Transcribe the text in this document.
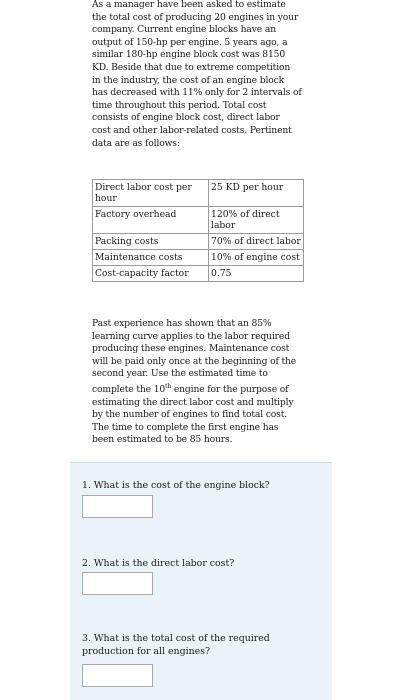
As a manager have been asked to estimate
the total cost of producing 20 engines in your
company. Current engine blocks have an
output of 150-hp per engine. 5 years ago, a
similar 180-hp engine block cost was 8150
KD. Beside that due to extreme competition
in the industry, the cost of an engine block
has decreased with 11% only for 2 intervals of
time throughout this period. Total cost
consists of engine block cost, direct labor
cost and other labor-related costs. Pertinent
data are as follows:
Direct labor cost per hour	25 KD per hour
Factory overhead	120% of direct labor
Packing costs	70% of direct labor
Maintenance costs	10% of engine cost
Cost-capacity factor	0.75
Past experience has shown that an 85%
learning curve applies to the labor required
producing these engines. Maintenance cost
will be paid only once at the beginning of the
second year. Use the estimated time to
complete the 10th engine for the purpose of
estimating the direct labor cost and multiply
by the number of engines to find total cost.
The time to complete the first engine has
been estimated to be 85 hours.
1. What is the cost of the engine block?
2. What is the direct labor cost?
3. What is the total cost of the required
production for all engines?
